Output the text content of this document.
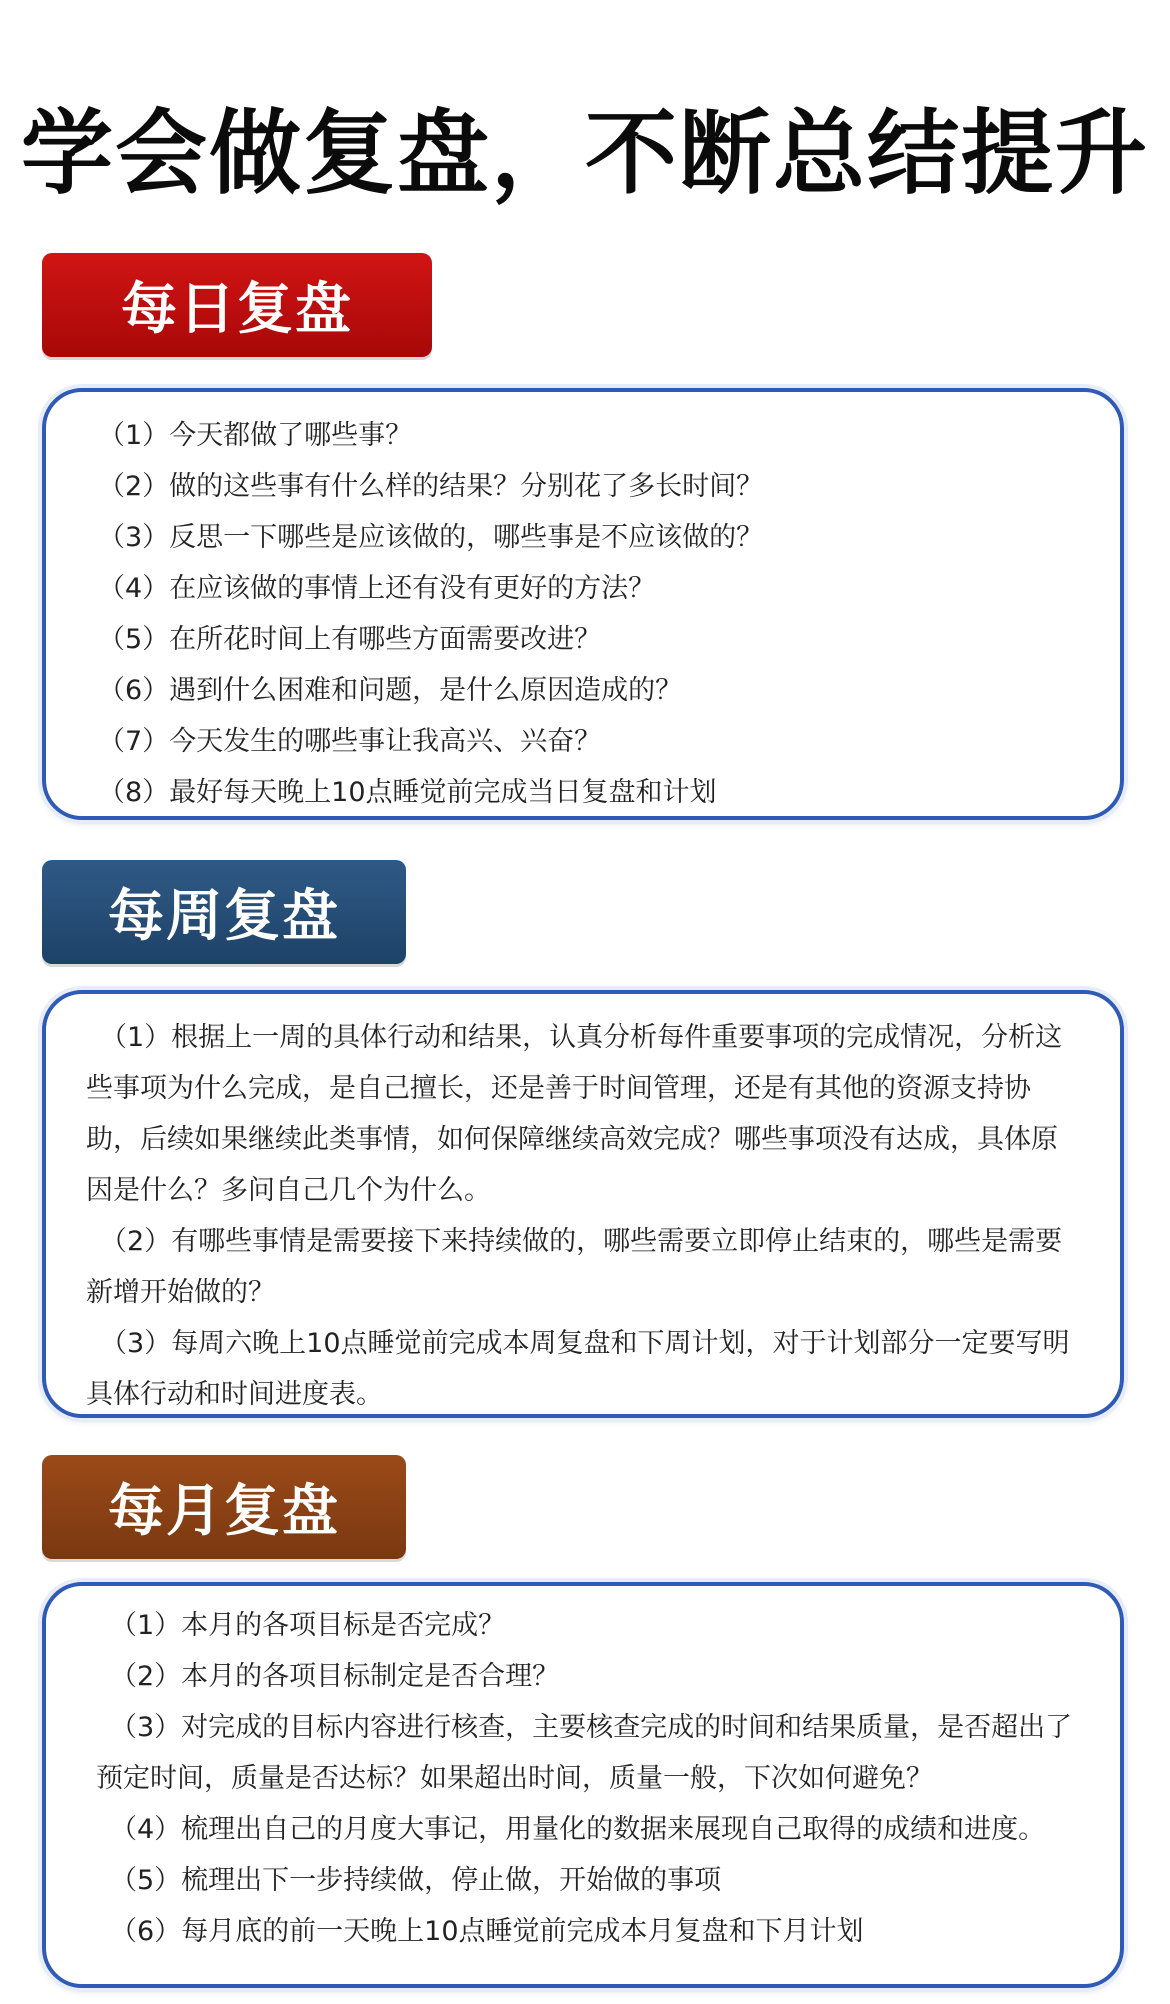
学会做复盘，不断总结提升
每日复盘

（1）今天都做了哪些事？

（2）做的这些事有什么样的结果？分别花了多长时间？

（3）反思一下哪些是应该做的，哪些事是不应该做的？

（4）在应该做的事情上还有没有更好的方法？

（5）在所花时间上有哪些方面需要改进？

（6）遇到什么困难和问题，是什么原因造成的？

（7）今天发生的哪些事让我高兴、兴奋？

（8）最好每天晚上10点睡觉前完成当日复盘和计划

每周复盘

（1）根据上一周的具体行动和结果，认真分析每件重要事项的完成情况，分析这些事项为什么完成，是自己擅长，还是善于时间管理，还是有其他的资源支持协助，后续如果继续此类事情，如何保障继续高效完成？哪些事项没有达成，具体原因是什么？多问自己几个为什么。

（2）有哪些事情是需要接下来持续做的，哪些需要立即停止结束的，哪些是需要新增开始做的？

（3）每周六晚上10点睡觉前完成本周复盘和下周计划，对于计划部分一定要写明具体行动和时间进度表。

每月复盘

（1）本月的各项目标是否完成？

（2）本月的各项目标制定是否合理？

（3）对完成的目标内容进行核查，主要核查完成的时间和结果质量，是否超出了预定时间，质量是否达标？如果超出时间，质量一般，下次如何避免？

（4）梳理出自己的月度大事记，用量化的数据来展现自己取得的成绩和进度。

（5）梳理出下一步持续做，停止做，开始做的事项

（6）每月底的前一天晚上10点睡觉前完成本月复盘和下月计划
